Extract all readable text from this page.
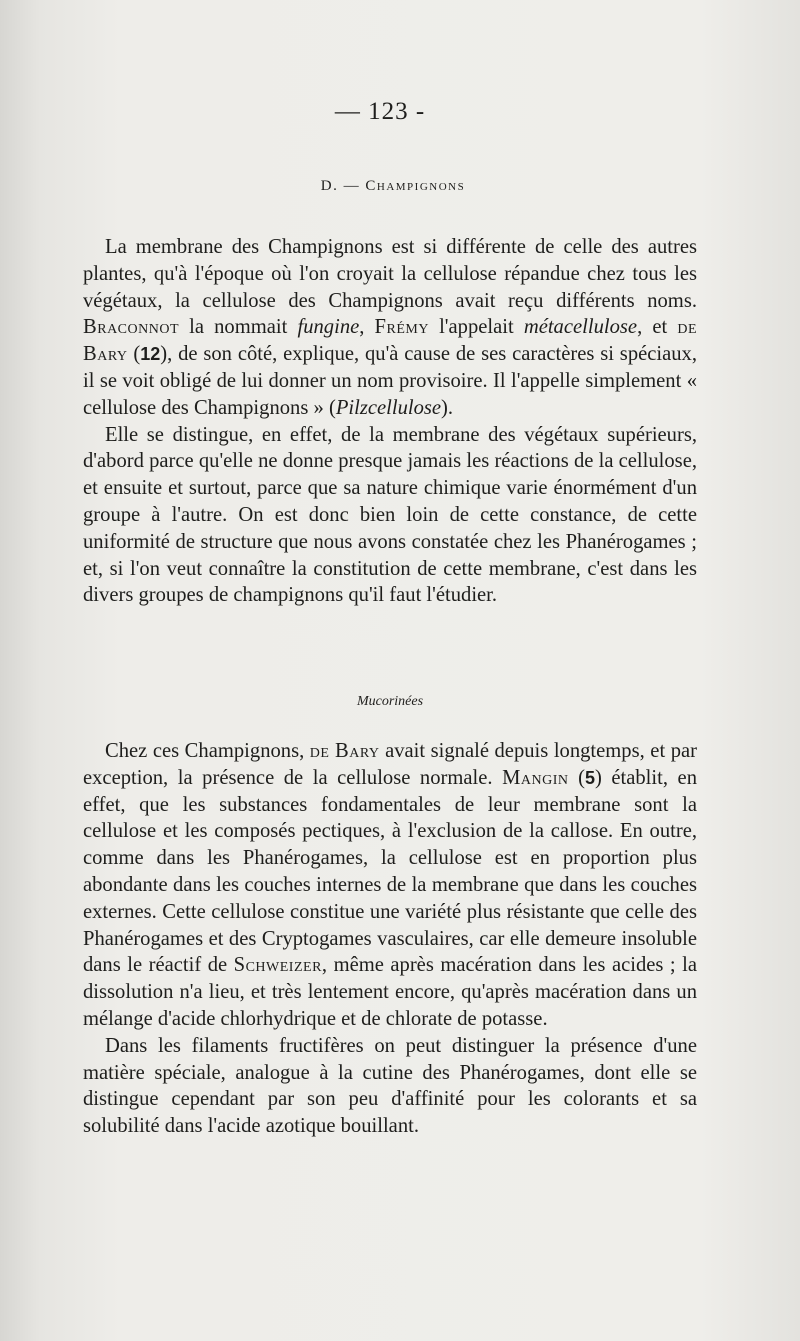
— 123 -
D. — Champignons

La membrane des Champignons est si différente de celle des autres plantes, qu'à l'époque où l'on croyait la cellulose répandue chez tous les végétaux, la cellulose des Champignons avait reçu différents noms. Braconnot la nommait fungine, Frémy l'appelait métacellulose, et de Bary (12), de son côté, explique, qu'à cause de ses caractères si spéciaux, il se voit obligé de lui donner un nom provisoire. Il l'appelle simplement « cellulose des Champignons » (Pilzcellulose).

Elle se distingue, en effet, de la membrane des végétaux supérieurs, d'abord parce qu'elle ne donne presque jamais les réactions de la cellulose, et ensuite et surtout, parce que sa nature chimique varie énormément d'un groupe à l'autre. On est donc bien loin de cette constance, de cette uniformité de structure que nous avons constatée chez les Phanérogames ; et, si l'on veut connaître la constitution de cette membrane, c'est dans les divers groupes de champignons qu'il faut l'étudier.

Mucorinées

Chez ces Champignons, de Bary avait signalé depuis longtemps, et par exception, la présence de la cellulose normale. Mangin (5) établit, en effet, que les substances fondamentales de leur membrane sont la cellulose et les composés pectiques, à l'exclusion de la callose. En outre, comme dans les Phanérogames, la cellulose est en proportion plus abondante dans les couches internes de la membrane que dans les couches externes. Cette cellulose constitue une variété plus résistante que celle des Phanérogames et des Cryptogames vasculaires, car elle demeure insoluble dans le réactif de Schweizer, même après macération dans les acides ; la dissolution n'a lieu, et très lentement encore, qu'après macération dans un mélange d'acide chlorhydrique et de chlorate de potasse.

Dans les filaments fructifères on peut distinguer la présence d'une matière spéciale, analogue à la cutine des Phanérogames, dont elle se distingue cependant par son peu d'affinité pour les colorants et sa solubilité dans l'acide azotique bouillant.
